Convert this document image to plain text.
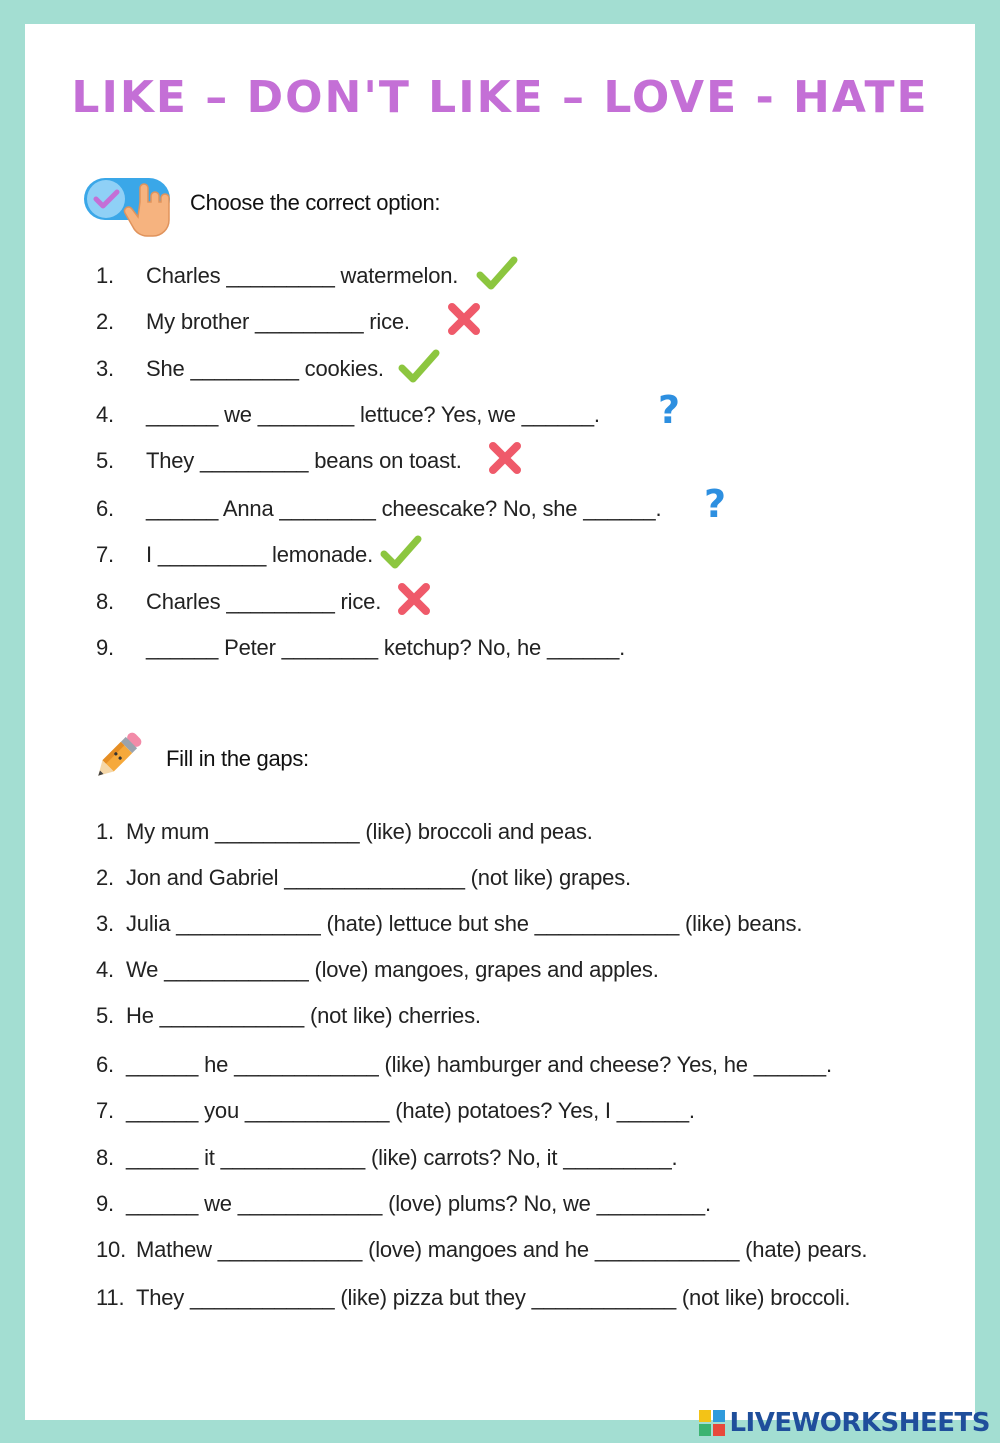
LIKE – DON'T LIKE – LOVE - HATE
Choose the correct option:
Fill in the gaps:
LIVEWORKSHEETS
1. Charles _________ watermelon.
2. My brother _________ rice.
3. She _________ cookies.
4. ______ we ________ lettuce? Yes, we ______. ?
5. They _________ beans on toast.
6. ______ Anna ________ cheescake? No, she ______. ?
7. I _________ lemonade.
8. Charles _________ rice.
9. ______ Peter ________ ketchup? No, he ______.
1. My mum ____________ (like) broccoli and peas.
2. Jon and Gabriel _______________ (not like) grapes.
3. Julia ____________ (hate) lettuce but she ____________ (like) beans.
4. We ____________ (love) mangoes, grapes and apples.
5. He ____________ (not like) cherries.
6. ______ he ____________ (like) hamburger and cheese? Yes, he ______.
7. ______ you ____________ (hate) potatoes? Yes, I ______.
8. ______ it ____________ (like) carrots? No, it _________.
9. ______ we ____________ (love) plums? No, we _________.
10. Mathew ____________ (love) mangoes and he ____________ (hate) pears.
11. They ____________ (like) pizza but they ____________ (not like) broccoli.
